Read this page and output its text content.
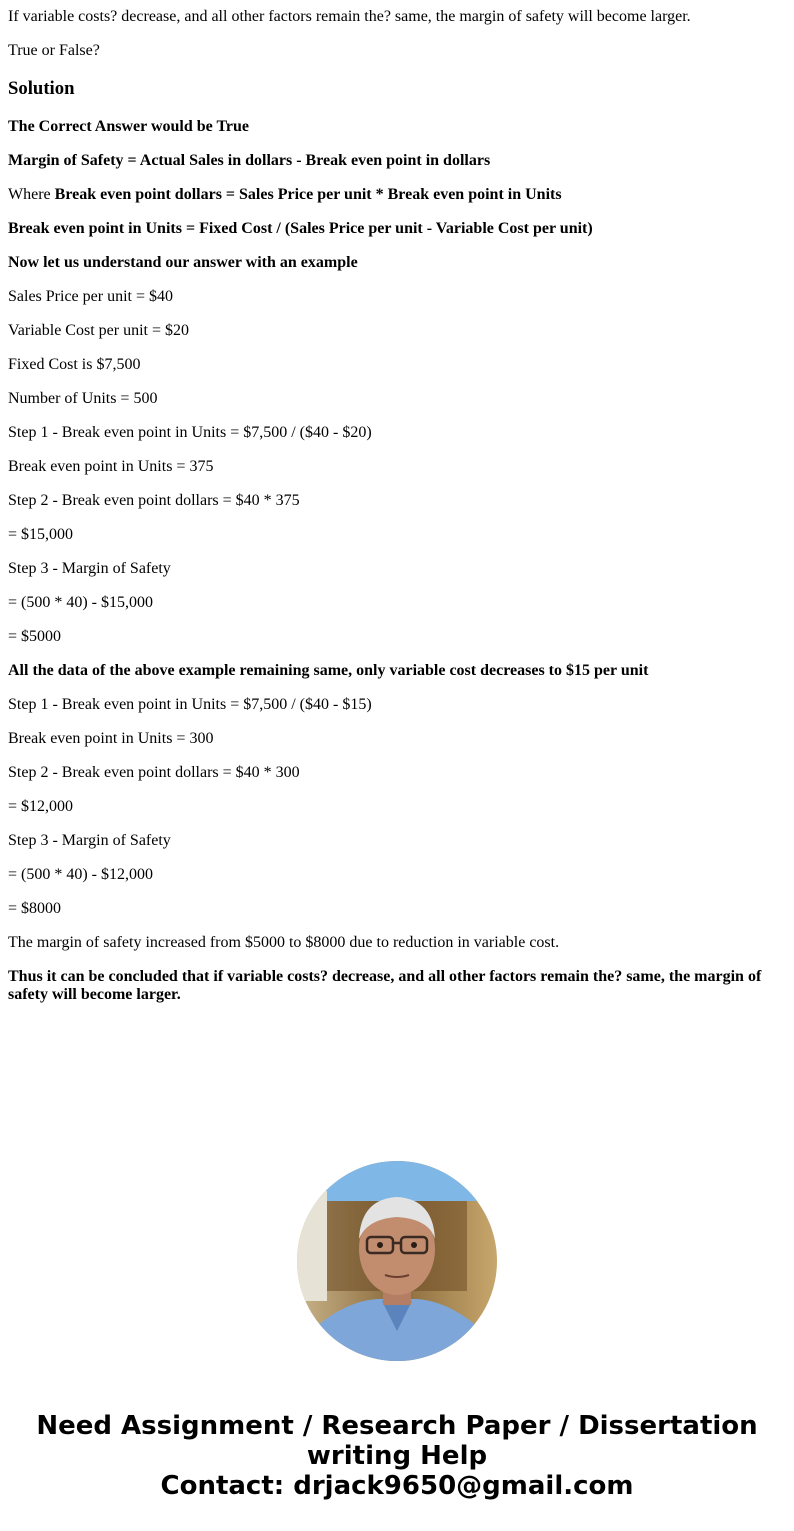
If variable costs? decrease, and all other factors remain the? same, the margin of safety will become larger.

True or False?

Solution

The Correct Answer would be True

Margin of Safety = Actual Sales in dollars - Break even point in dollars

Where Break even point dollars = Sales Price per unit * Break even point in Units

Break even point in Units = Fixed Cost / (Sales Price per unit - Variable Cost per unit)

Now let us understand our answer with an example

Sales Price per unit = $40

Variable Cost per unit = $20

Fixed Cost is $7,500

Number of Units = 500

Step 1 - Break even point in Units = $7,500 / ($40 - $20)

Break even point in Units = 375

Step 2 - Break even point dollars = $40 * 375

= $15,000

Step 3 - Margin of Safety

= (500 * 40) - $15,000

= $5000

All the data of the above example remaining same, only variable cost decreases to $15 per unit

Step 1 - Break even point in Units = $7,500 / ($40 - $15)

Break even point in Units = 300

Step 2 - Break even point dollars = $40 * 300

= $12,000

Step 3 - Margin of Safety

= (500 * 40) - $12,000

= $8000

The margin of safety increased from $5000 to $8000 due to reduction in variable cost.

Thus it can be concluded that if variable costs? decrease, and all other factors remain the? same, the margin of safety will become larger.

Need Assignment / Research Paper / Dissertation
writing Help
Contact: drjack9650@gmail.com
